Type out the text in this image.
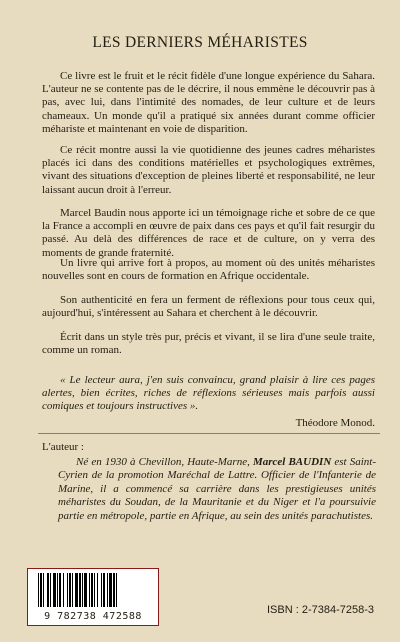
LES DERNIERS MÉHARISTES

Ce livre est le fruit et le récit fidèle d'une longue expérience du Sahara. L'auteur ne se contente pas de le décrire, il nous emmène le découvrir pas à pas, avec lui, dans l'intimité des nomades, de leur culture et de leurs chameaux. Un monde qu'il a pratiqué six années durant comme officier méhariste et maintenant en voie de disparition.

Ce récit montre aussi la vie quotidienne des jeunes cadres méharistes placés ici dans des conditions matérielles et psychologiques extrêmes, vivant des situations d'exception de pleines liberté et responsabilité, ne leur laissant aucun droit à l'erreur.

Marcel Baudin nous apporte ici un témoignage riche et sobre de ce que la France a accompli en œuvre de paix dans ces pays et qu'il fait resurgir du passé. Au delà des différences de race et de culture, on y verra des moments de grande fraternité.

Un livre qui arrive fort à propos, au moment où des unités méharistes nouvelles sont en cours de formation en Afrique occidentale.

Son authenticité en fera un ferment de réflexions pour tous ceux qui, aujourd'hui, s'intéressent au Sahara et cherchent à le découvrir.

Écrit dans un style très pur, précis et vivant, il se lira d'une seule traite, comme un roman.

« Le lecteur aura, j'en suis convaincu, grand plaisir à lire ces pages alertes, bien écrites, riches de réflexions sérieuses mais parfois aussi comiques et toujours instructives ».

Théodore Monod.
L'auteur :

Né en 1930 à Chevillon, Haute-Marne, Marcel BAUDIN est Saint-Cyrien de la promotion Maréchal de Lattre. Officier de l'Infanterie de Marine, il a commencé sa carrière dans les prestigieuses unités méharistes du Soudan, de la Mauritanie et du Niger et l'a poursuivie partie en métropole, partie en Afrique, au sein des unités parachutistes.

9 782738 472588
ISBN : 2-7384-7258-3
